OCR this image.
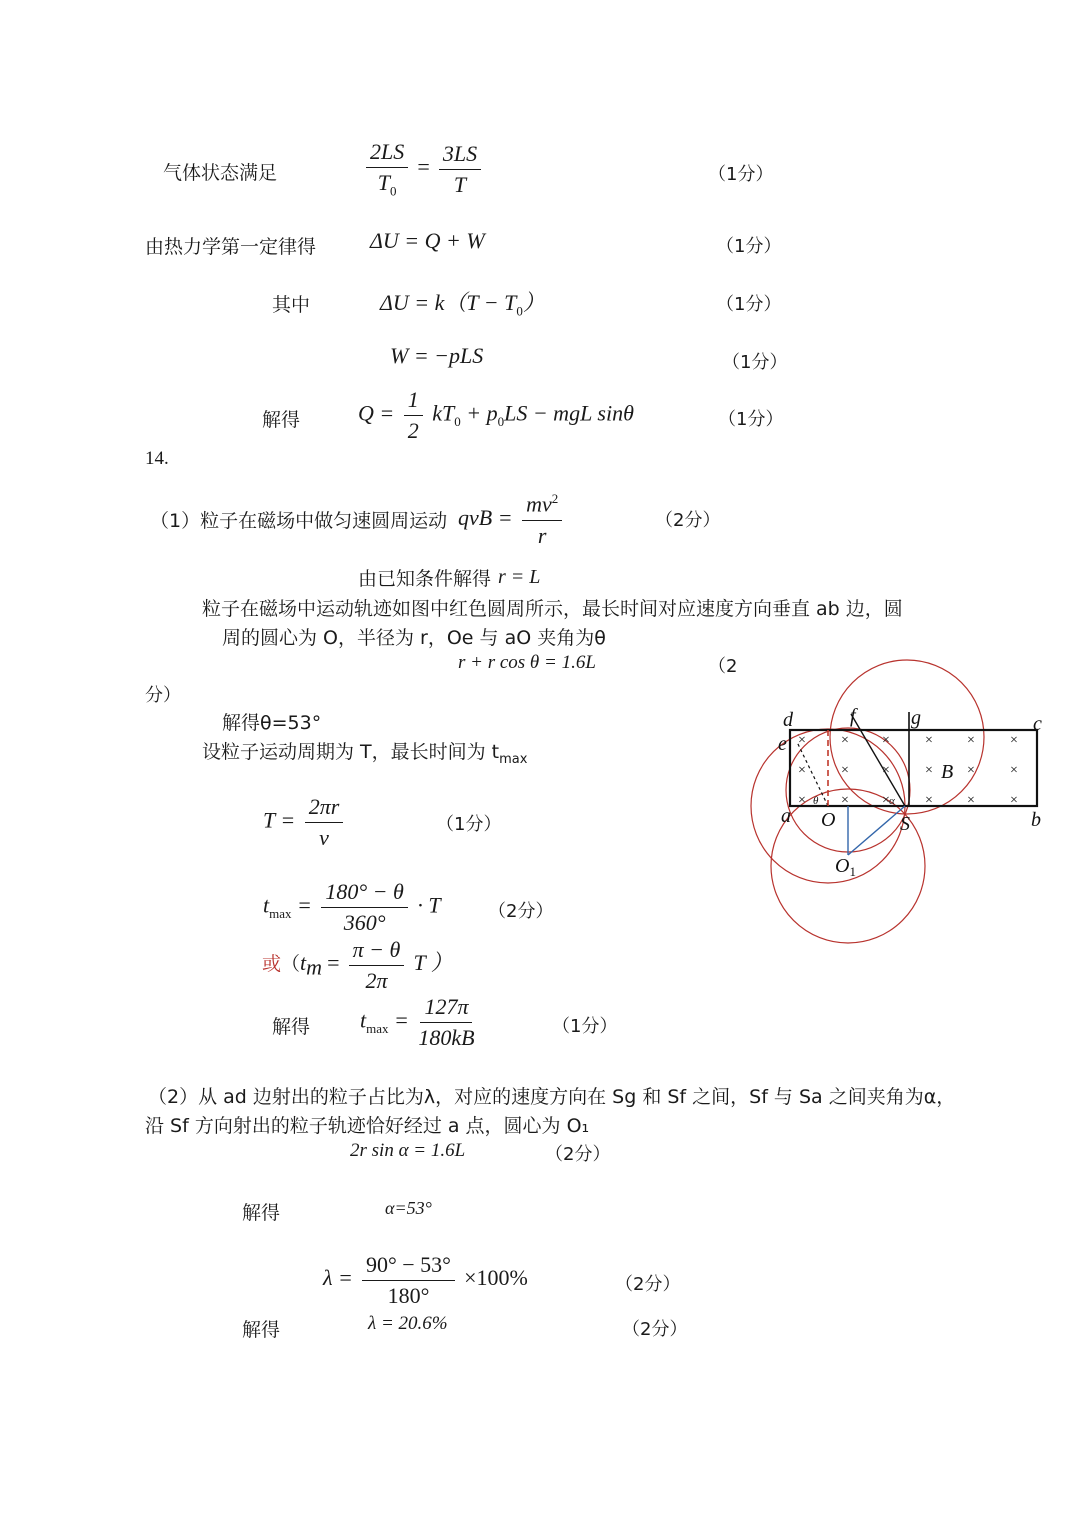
气体状态满足	$\frac{2LS}{T_0} = \frac{3LS}{T}$	（1分）
由热力学第一定律得 ΔU = Q + W	（1分）
其中	$\Delta U = k(T - T_0)$	（1分）
W = −pLS	（1分）
解得	$Q = \frac{1}{2} kT_0 + p_0LS$ − mgL sinθ	（1分）
14.
（1）粒子在磁场中做匀速圆周运动 qvB = $\frac{mv^2}{r}$	（2分）
由已知条件解得 r = L
粒子在磁场中运动轨迹如图中红色圆周所示，最长时间对应速度方向垂直 ab 边，圆
周的圆心为 O，半径为 r，Oe 与 aO 夹角为θ
r + r cos θ = 1.6L	（2
分）
解得θ=53°
设粒子运动周期为 T，最长时间为 $t_{max}$
$T = \frac{2\pi r}{v}$	（1分）
$t_{max} = \frac{180^\circ - \theta}{360^\circ} \cdot T$	（2分）
或（$t_m = \frac{\pi - \theta}{2\pi}$ T ）
解得 $t_{max} = \frac{127\pi}{180kB}$	（1分）
（2）从 ad 边射出的粒子占比为λ，对应的速度方向在 Sg 和 Sf 之间，Sf 与 Sa 之间夹角为α，
沿 Sf 方向射出的粒子轨迹恰好经过 a 点，圆心为 O₁
2r sin α = 1.6L	（2分）
解得	α=53°
$\lambda = \frac{90^\circ - 53^\circ}{180^\circ} \times 100\%$	（2分）
解得	λ = 20.6%	（2分）
×	× ×	× ×	×
×	× ×	× ×	×
×	× ×	× ×	×
d	f	g	c
e
a O	S	b
B
$O_1$
θ	α
